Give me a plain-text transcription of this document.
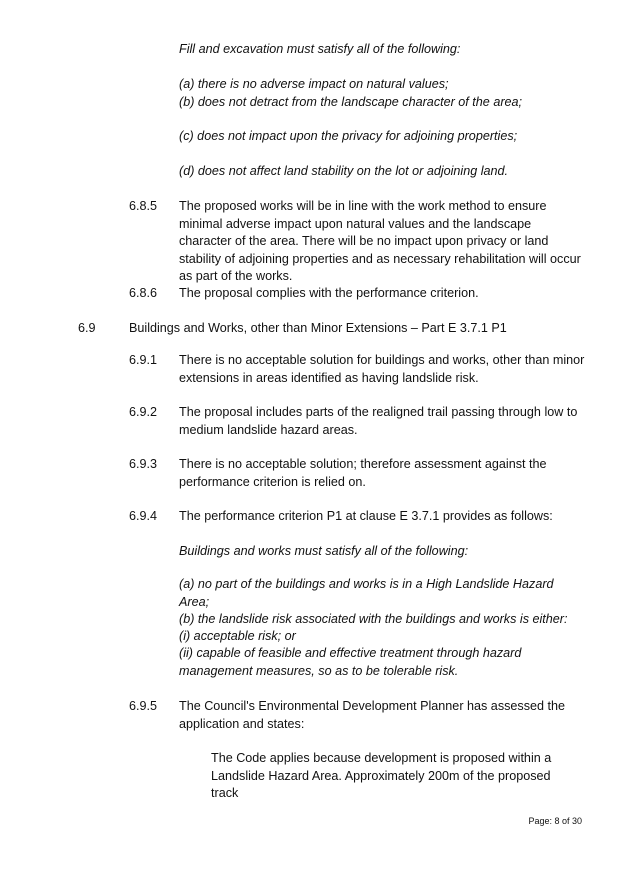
Fill and excavation must satisfy all of the following:
(a) there is no adverse impact on natural values;
(b) does not detract from the landscape character of the area;
(c) does not impact upon the privacy for adjoining properties;
(d) does not affect land stability on the lot or adjoining land.
6.8.5	The proposed works will be in line with the work method to ensure minimal adverse impact upon natural values and the landscape character of the area. There will be no impact upon privacy or land stability of adjoining properties and as necessary rehabilitation will occur as part of the works.
6.8.6	The proposal complies with the performance criterion.
6.9	Buildings and Works, other than Minor Extensions – Part E 3.7.1 P1
6.9.1	There is no acceptable solution for buildings and works, other than minor extensions in areas identified as having landslide risk.
6.9.2	The proposal includes parts of the realigned trail passing through low to medium landslide hazard areas.
6.9.3	There is no acceptable solution; therefore assessment against the performance criterion is relied on.
6.9.4	The performance criterion P1 at clause E 3.7.1 provides as follows:
Buildings and works must satisfy all of the following:
(a) no part of the buildings and works is in a High Landslide Hazard Area;
(b) the landslide risk associated with the buildings and works is either:
(i) acceptable risk; or
(ii) capable of feasible and effective treatment through hazard management measures, so as to be tolerable risk.
6.9.5	The Council's Environmental Development Planner has assessed the application and states:
The Code applies because development is proposed within a Landslide Hazard Area. Approximately 200m of the proposed track
Page: 8 of 30
